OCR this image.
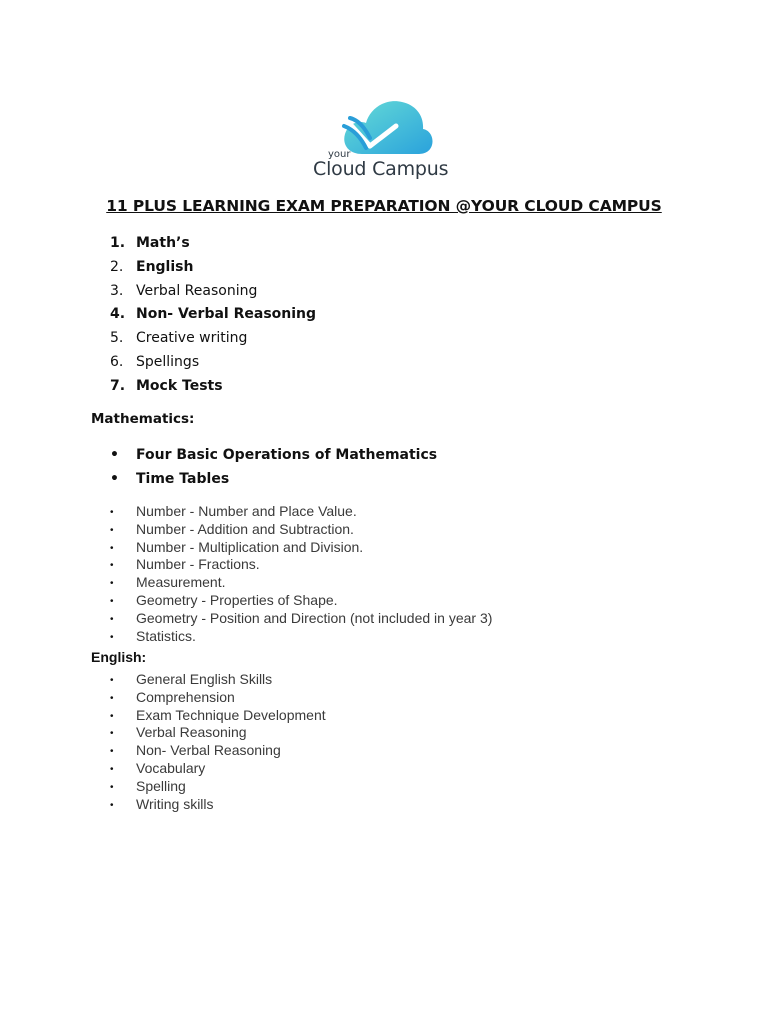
your
Cloud Campus
11 PLUS LEARNING EXAM PREPARATION @YOUR CLOUD CAMPUS
1. Math’s
2. English
3. Verbal Reasoning
4. Non- Verbal Reasoning
5. Creative writing
6. Spellings
7. Mock Tests
Mathematics:
• Four Basic Operations of Mathematics
• Time Tables
• Number - Number and Place Value.
• Number - Addition and Subtraction.
• Number - Multiplication and Division.
• Number - Fractions.
• Measurement.
• Geometry - Properties of Shape.
• Geometry - Position and Direction (not included in year 3)
• Statistics.
English:
• General English Skills
• Comprehension
• Exam Technique Development
• Verbal Reasoning
• Non- Verbal Reasoning
• Vocabulary
• Spelling
• Writing skills
